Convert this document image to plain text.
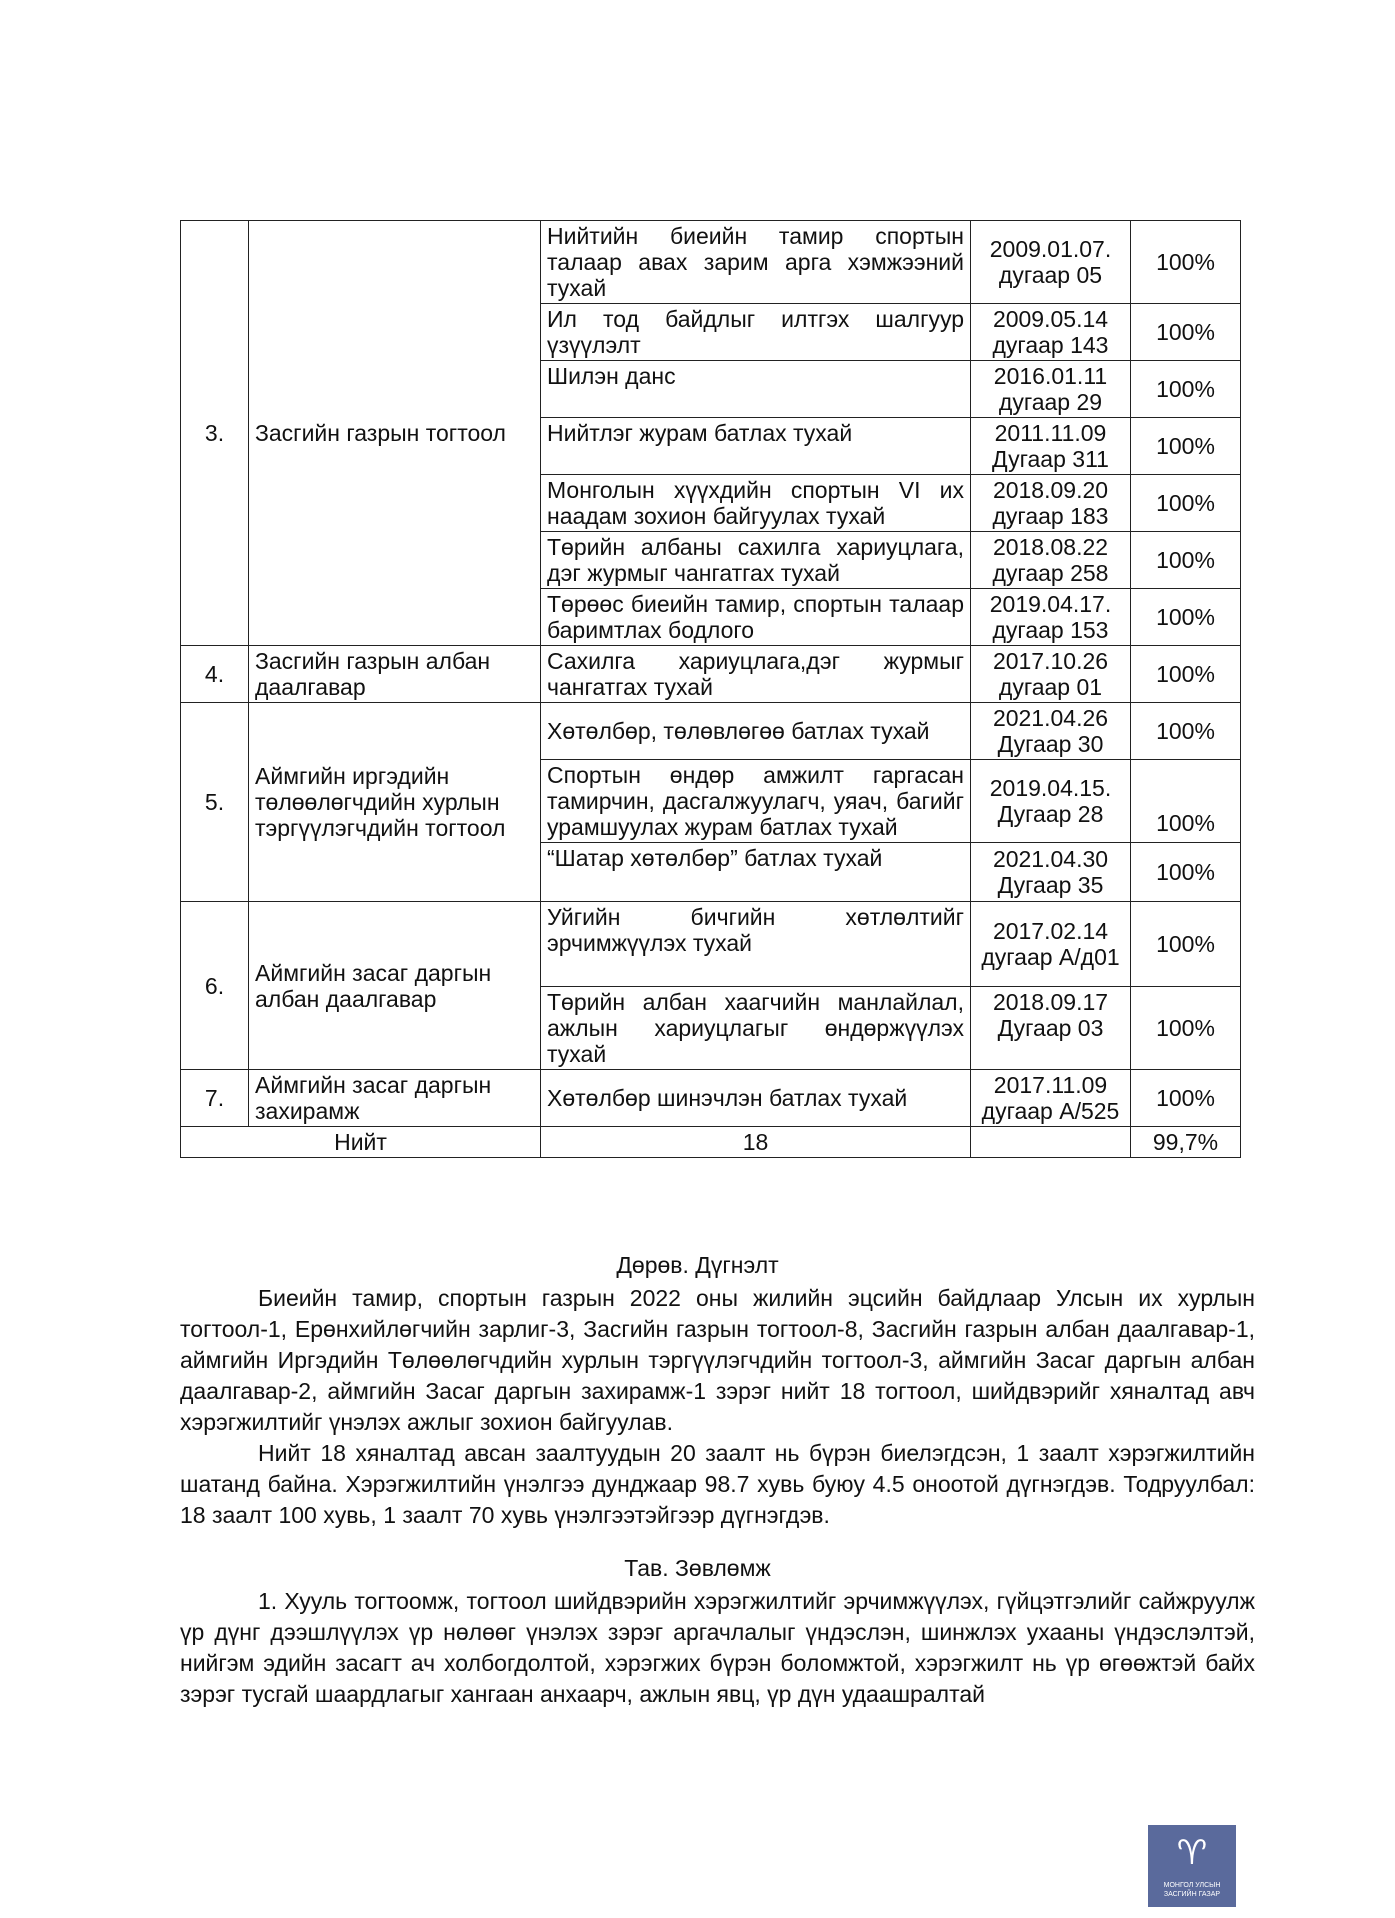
3.	Засгийн газрын тогтоол	Нийтийн биеийн тамир спортын талаар авах зарим арга хэмжээний тухай	2009.01.07. дугаар 05	100%
		Ил тод байдлыг илтгэх шалгуур үзүүлэлт	2009.05.14 дугаар 143	100%
		Шилэн данс	2016.01.11 дугаар 29	100%
		Нийтлэг журам батлах тухай	2011.11.09 Дугаар 311	100%
		Монголын хүүхдийн спортын VI их наадам зохион байгуулах тухай	2018.09.20 дугаар 183	100%
		Төрийн албаны сахилга хариуцлага, дэг журмыг чангатгах тухай	2018.08.22 дугаар 258	100%
		Төрөөс биеийн тамир, спортын талаар баримтлах бодлого	2019.04.17. дугаар 153	100%
4.	Засгийн газрын албан даалгавар	Сахилга хариуцлага,дэг журмыг чангатгах тухай	2017.10.26 дугаар 01	100%
5.	Аймгийн иргэдийн төлөөлөгчдийн хурлын тэргүүлэгчдийн тогтоол	Хөтөлбөр, төлөвлөгөө батлах тухай	2021.04.26 Дугаар 30	100%
		Спортын өндөр амжилт гаргасан тамирчин, дасгалжуулагч, уяач, багийг урамшуулах журам батлах тухай	2019.04.15. Дугаар 28	100%
		“Шатар хөтөлбөр” батлах тухай	2021.04.30 Дугаар 35	100%
6.	Аймгийн засаг даргын албан даалгавар	Уйгийн бичгийн хөтлөлтийг эрчимжүүлэх тухай	2017.02.14 дугаар А/д01	100%
		Төрийн албан хаагчийн манлайлал, ажлын хариуцлагыг өндөржүүлэх тухай	2018.09.17 Дугаар 03	100%
7.	Аймгийн засаг даргын захирамж	Хөтөлбөр шинэчлэн батлах тухай	2017.11.09 дугаар А/525	100%
Нийт		18		99,7%
Дөрөв. Дүгнэлт

Биеийн тамир, спортын газрын 2022 оны жилийн эцсийн байдлаар Улсын их хурлын тогтоол-1, Ерөнхийлөгчийн зарлиг-3, Засгийн газрын тогтоол-8, Засгийн газрын албан даалгавар-1, аймгийн Иргэдийн Төлөөлөгчдийн хурлын тэргүүлэгчдийн тогтоол-3, аймгийн Засаг даргын албан даалгавар-2, аймгийн Засаг даргын захирамж-1 зэрэг нийт 18 тогтоол, шийдвэрийг хяналтад авч хэрэгжилтийг үнэлэх ажлыг зохион байгуулав.

Нийт 18 хяналтад авсан заалтуудын 20 заалт нь бүрэн биелэгдсэн, 1 заалт хэрэгжилтийн шатанд байна. Хэрэгжилтийн үнэлгээ дунджаар 98.7 хувь буюу 4.5 оноотой дүгнэгдэв. Тодруулбал: 18 заалт 100 хувь, 1 заалт 70 хувь үнэлгээтэйгээр дүгнэгдэв.

Тав. Зөвлөмж

1. Хууль тогтоомж, тогтоол шийдвэрийн хэрэгжилтийг эрчимжүүлэх, гүйцэтгэлийг сайжруулж үр дүнг дээшлүүлэх үр нөлөөг үнэлэх зэрэг аргачлалыг үндэслэн, шинжлэх ухааны үндэслэлтэй, нийгэм эдийн засагт ач холбогдолтой, хэрэгжих бүрэн боломжтой, хэрэгжилт нь үр өгөөжтэй байх зэрэг тусгай шаардлагыг хангаан анхаарч, ажлын явц, үр дүн удаашралтай

♈
МОНГОЛ УЛСЫН ЗАСГИЙН ГАЗАР
